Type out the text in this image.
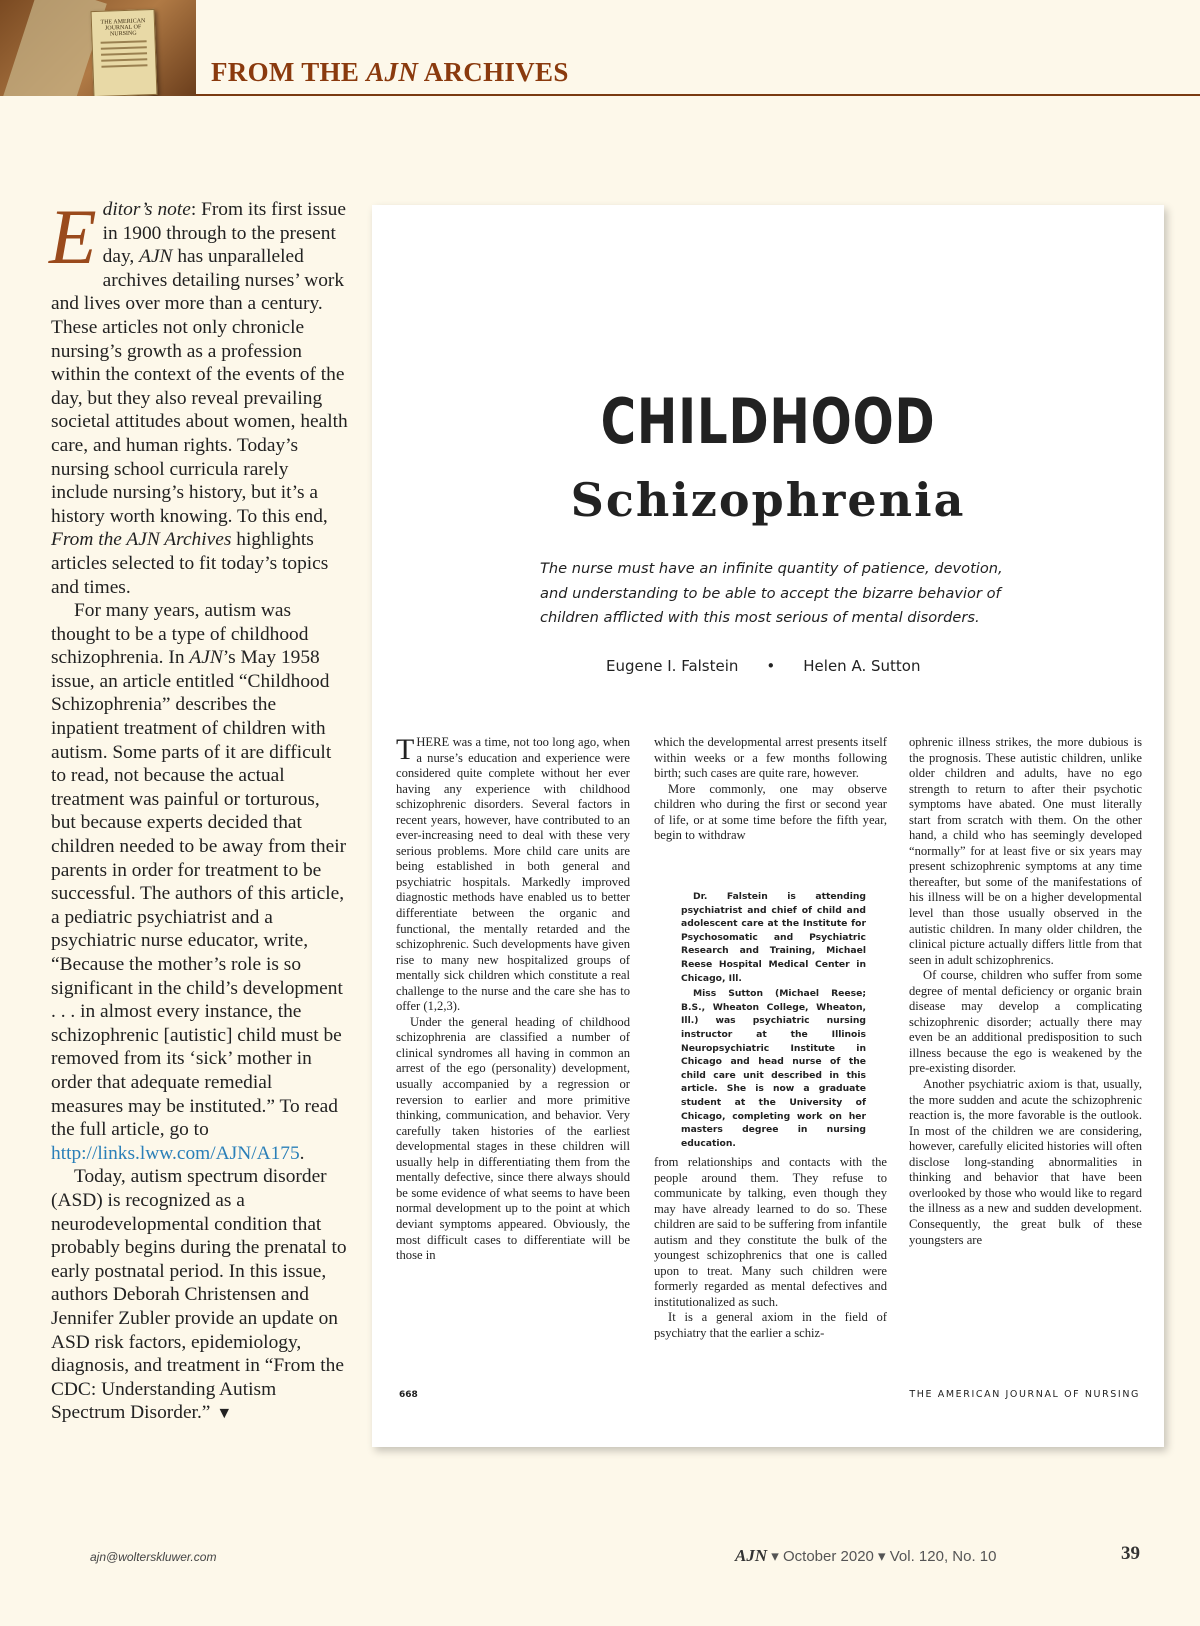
THE AMERICAN JOURNAL OF NURSING
FROM THE AJN ARCHIVES

Editor’s note: From its first issue in 1900 through to the present day, AJN has unparalleled archives detailing nurses’ work and lives over more than a century. These articles not only chronicle nursing’s growth as a profession within the context of the events of the day, but they also reveal prevailing societal attitudes about women, health care, and human rights. Today’s nursing school curricula rarely include nursing’s history, but it’s a history worth knowing. To this end, From the AJN Archives highlights articles selected to fit today’s topics and times.

For many years, autism was thought to be a type of childhood schizophrenia. In AJN’s May 1958 issue, an article entitled “Childhood Schizophrenia” describes the inpatient treatment of children with autism. Some parts of it are difficult to read, not because the actual treatment was painful or torturous, but because experts decided that children needed to be away from their parents in order for treatment to be successful. The authors of this article, a pediatric psychiatrist and a psychiatric nurse educator, write, “Because the mother’s role is so significant in the child’s development . . . in almost every instance, the schizophrenic [autistic] child must be removed from its ‘sick’ mother in order that adequate remedial measures may be instituted.” To read the full article, go to http://links.lww.com/AJN/A175.

Today, autism spectrum disorder (ASD) is recognized as a neurodevelopmental condition that probably begins during the prenatal to early postnatal period. In this issue, authors Deborah Christensen and Jennifer Zubler provide an update on ASD risk factors, epidemiology, diagnosis, and treatment in “From the CDC: Understanding Autism Spectrum Disorder.” ▼

CHILDHOOD
Schizophrenia
The nurse must have an infinite quantity of patience, devotion, and understanding to be able to accept the bizarre behavior of children afflicted with this most serious of mental disorders.
Eugene I. Falstein • Helen A. Sutton

THERE was a time, not too long ago, when a nurse’s education and experience were considered quite complete without her ever having any experience with childhood schizophrenic disorders. Several factors in recent years, however, have contributed to an ever-increasing need to deal with these very serious problems. More child care units are being established in both general and psychiatric hospitals. Markedly improved diagnostic methods have enabled us to better differentiate between the organic and functional, the mentally retarded and the schizophrenic. Such developments have given rise to many new hospitalized groups of mentally sick children which constitute a real challenge to the nurse and the care she has to offer (1,2,3).

Under the general heading of childhood schizophrenia are classified a number of clinical syndromes all having in common an arrest of the ego (personality) development, usually accompanied by a regression or reversion to earlier and more primitive thinking, communication, and behavior. Very carefully taken histories of the earliest developmental stages in these children will usually help in differentiating them from the mentally defective, since there always should be some evidence of what seems to have been normal development up to the point at which deviant symptoms appeared. Obviously, the most difficult cases to differentiate will be those in

which the developmental arrest presents itself within weeks or a few months following birth; such cases are quite rare, however.

More commonly, one may observe children who during the first or second year of life, or at some time before the fifth year, begin to withdraw

Dr. Falstein is attending psychiatrist and chief of child and adolescent care at the Institute for Psychosomatic and Psychiatric Research and Training, Michael Reese Hospital Medical Center in Chicago, Ill.

Miss Sutton (Michael Reese; B.S., Wheaton College, Wheaton, Ill.) was psychiatric nursing instructor at the Illinois Neuropsychiatric Institute in Chicago and head nurse of the child care unit described in this article. She is now a graduate student at the University of Chicago, completing work on her masters degree in nursing education.

from relationships and contacts with the people around them. They refuse to communicate by talking, even though they may have already learned to do so. These children are said to be suffering from infantile autism and they constitute the bulk of the youngest schizophrenics that one is called upon to treat. Many such children were formerly regarded as mental defectives and institutionalized as such.

It is a general axiom in the field of psychiatry that the earlier a schiz-

ophrenic illness strikes, the more dubious is the prognosis. These autistic children, unlike older children and adults, have no ego strength to return to after their psychotic symptoms have abated. One must literally start from scratch with them. On the other hand, a child who has seemingly developed “normally” for at least five or six years may present schizophrenic symptoms at any time thereafter, but some of the manifestations of his illness will be on a higher developmental level than those usually observed in the autistic children. In many older children, the clinical picture actually differs little from that seen in adult schizophrenics.

Of course, children who suffer from some degree of mental deficiency or organic brain disease may develop a complicating schizophrenic disorder; actually there may even be an additional predisposition to such illness because the ego is weakened by the pre-existing disorder.

Another psychiatric axiom is that, usually, the more sudden and acute the schizophrenic reaction is, the more favorable is the outlook. In most of the children we are considering, however, carefully elicited histories will often disclose long-standing abnormalities in thinking and behavior that have been overlooked by those who would like to regard the illness as a new and sudden development. Consequently, the great bulk of these youngsters are

668	THE AMERICAN JOURNAL OF NURSING
ajn@wolterskluwer.com	AJN ▾ October 2020 ▾ Vol. 120, No. 10	39
